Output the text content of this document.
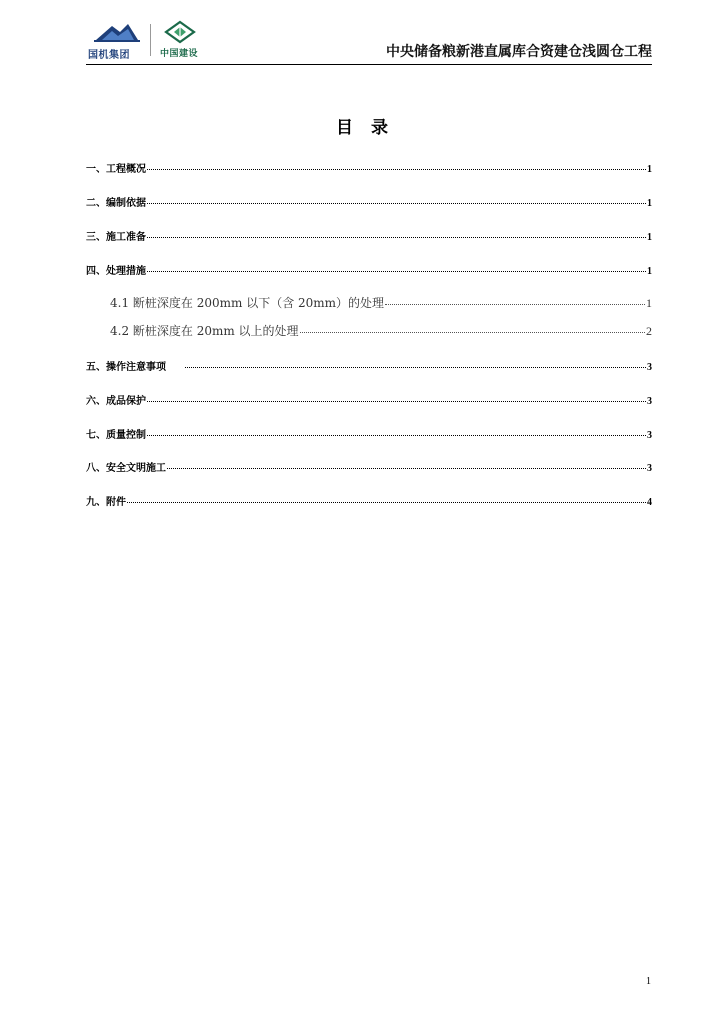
国机集团	中国建设	中央储备粮新港直属库合资建仓浅圆仓工程
目录
一、工程概况	1
二、编制依据	1
三、施工准备	1
四、处理措施	1
4.1 断桩深度在 200mm 以下（含 20mm）的处理	1
4.2 断桩深度在 20mm 以上的处理	2
五、操作注意事项	3
六、成品保护	3
七、质量控制	3
八、安全文明施工	3
九、附件	4
1
